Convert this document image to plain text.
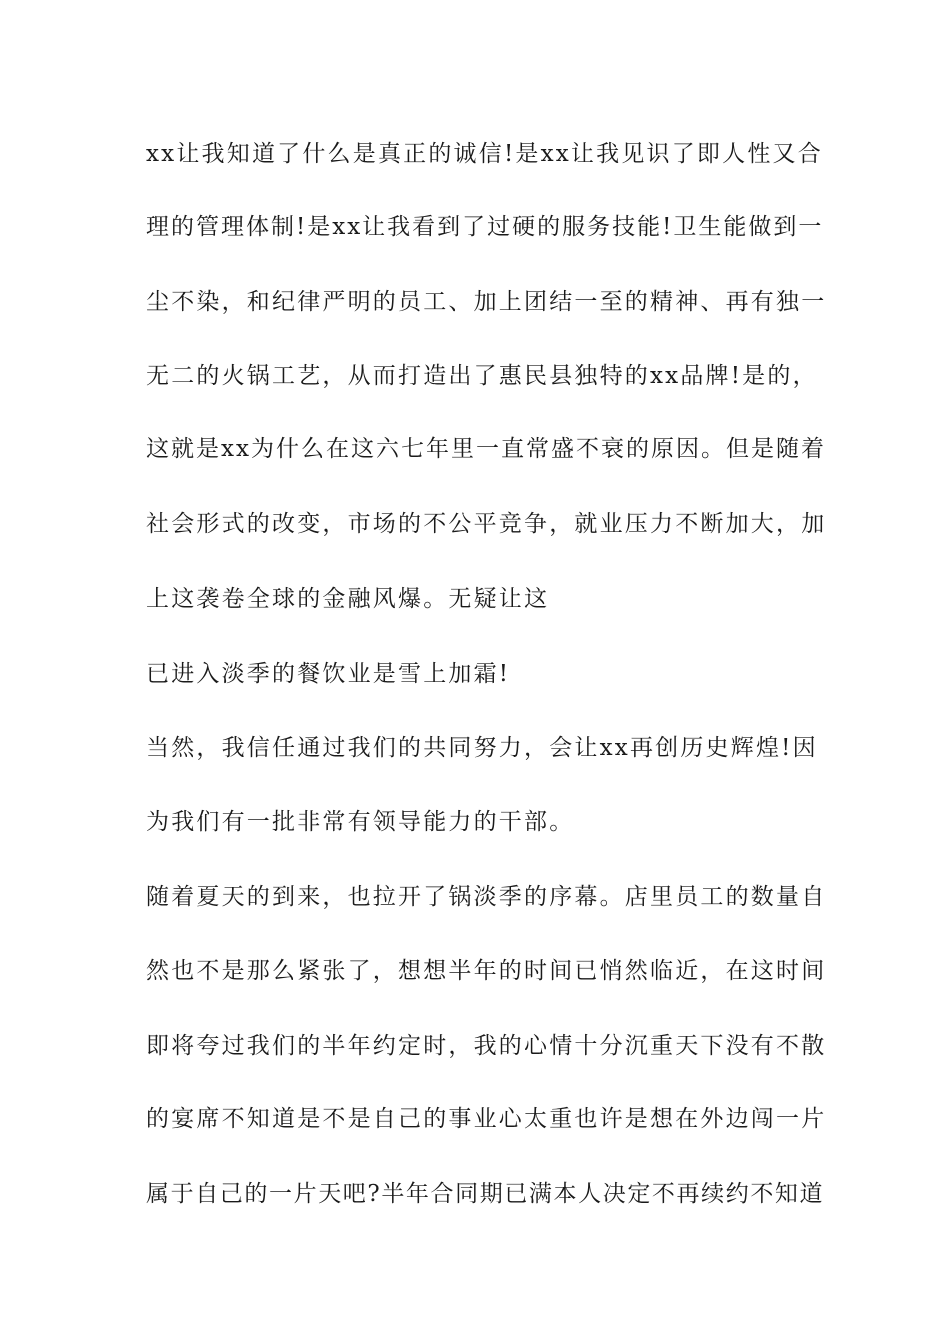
xx让我知道了什么是真正的诚信!是xx让我见识了即人性又合
理的管理体制!是xx让我看到了过硬的服务技能!卫生能做到一
尘不染，和纪律严明的员工、加上团结一至的精神、再有独一
无二的火锅工艺，从而打造出了惠民县独特的xx品牌!是的，
这就是xx为什么在这六七年里一直常盛不衰的原因。但是随着
社会形式的改变，市场的不公平竞争，就业压力不断加大，加
上这袭卷全球的金融风爆。无疑让这
已进入淡季的餐饮业是雪上加霜!
当然，我信任通过我们的共同努力，会让xx再创历史辉煌!因
为我们有一批非常有领导能力的干部。
随着夏天的到来，也拉开了锅淡季的序幕。店里员工的数量自
然也不是那么紧张了，想想半年的时间已悄然临近，在这时间
即将夸过我们的半年约定时，我的心情十分沉重天下没有不散
的宴席不知道是不是自己的事业心太重也许是想在外边闯一片
属于自己的一片天吧?半年合同期已满本人决定不再续约不知道
